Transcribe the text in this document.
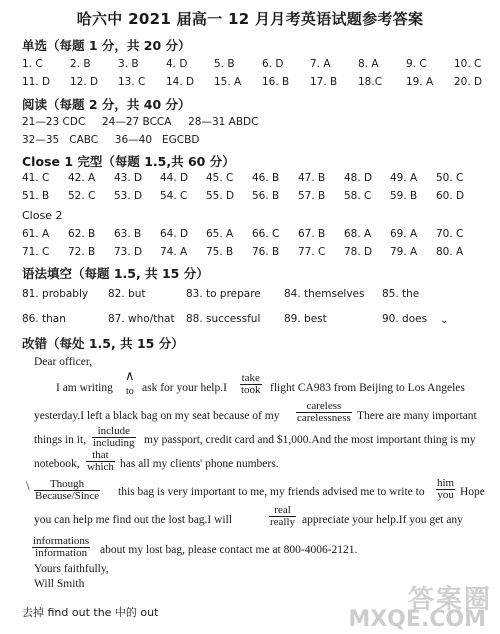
哈六中 2021 届高一 12 月月考英语试题参考答案
单选（每题 1 分，共 20 分）
1. C	2. B	3. B	4. D	5. B	6. D	7. A	8. A	9. C	10. C
11. D 12. D 13. C 14. D 15. A 16. B 17. B 18.C 19. A 20. D
阅读（每题 2 分，共 40 分）
21—23 CDC     24—27 BCCA     28—31 ABDC
32—35   CABC     36—40   EGCBD
Close 1 完型（每题 1.5,共 60 分）
41. C 42. A 43. D 44. D 45. C 46. B 47. B 48. D 49. A 50. C
51. B 52. C 53. D 54. C 55. D 56. B 57. B 58. C 59. B 60. D
Close 2
61. A 62. B 63. B 64. D 65. A 66. C 67. B 68. A 69. A 70. C
71. C 72. B 73. D 74. A 75. B 76. B 77. C 78. D 79. A 80. A
语法填空（每题 1.5, 共 15 分）
81. probably 82. but	83. to prepare 84. themselves 85. the
86. than	87. who/that 88. successful 89. best	90. does ⌄
改错（每处 1.5, 共 15 分）
Dear officer,
I am writing
∧
to ask for your help.I
take
took flight CA983 from Beijing to Los Angeles
yesterday.I left a black bag on my seat because of my
careless
carelessness There are many important
things in it,
include
including my passport, credit card and $1,000.And the most important thing is my
notebook,
that
which has all my clients' phone numbers.
\	Though
Because/Since this bag is very important to me, my friends advised me to write to
him
you Hope
you can help me find out the lost bag.I will
real
really appreciate your help.If you get any
informations
information about my lost bag, please contact me at 800-4006-2121.
Yours faithfully,
Will Smith
去掉 find out the 中的 out	答案圈
MXQE.COM
